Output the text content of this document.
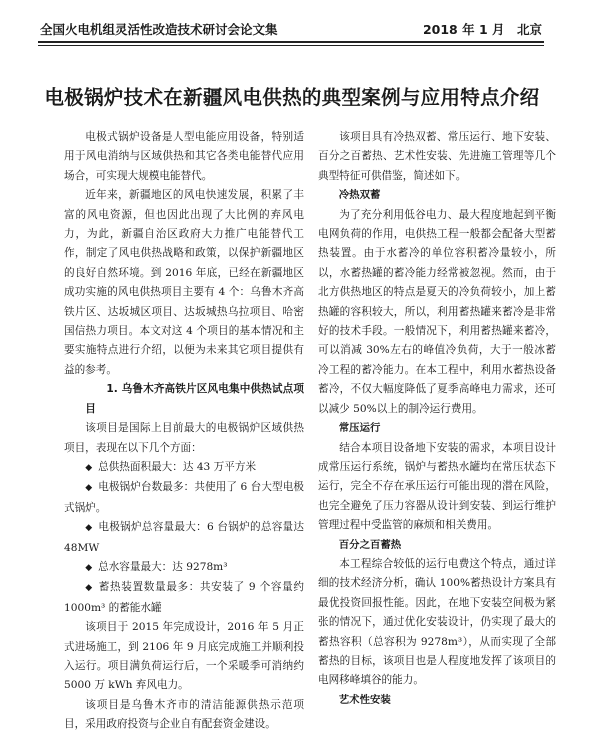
全国火电机组灵活性改造技术研讨会论文集	2018 年 1 月　北京
电极锅炉技术在新疆风电供热的典型案例与应用特点介绍

电极式锅炉设备是人型电能应用设备，特别适用于风电消纳与区域供热和其它各类电能替代应用场合，可实现大规模电能替代。

近年来，新疆地区的风电快速发展，积累了丰富的风电资源，但也因此出现了大比例的弃风电力，为此，新疆自治区政府大力推广电能替代工作，制定了风电供热战略和政策，以保护新疆地区的良好自然环境。到 2016 年底，已经在新疆地区成功实施的风电供热项目主要有 4 个：乌鲁木齐高铁片区、达坂城区项目、达坂城热乌拉项目、哈密国信热力项目。本文对这 4 个项目的基本情况和主要实施特点进行介绍，以便为未来其它项目提供有益的参考。

1. 乌鲁木齐高铁片区风电集中供热试点项目

该项目是国际上目前最大的电极锅炉区域供热项目，表现在以下几个方面：

◆ 总供热面积最大：达 43 万平方米

◆ 电极锅炉台数最多：共使用了 6 台大型电极式锅炉。

◆ 电极锅炉总容量最大：6 台锅炉的总容量达 48MW

◆ 总水容量最大：达 9278m³

◆ 蓄热装置数量最多：共安装了 9 个容量约 1000m³ 的蓄能水罐

该项目于 2015 年完成设计，2016 年 5 月正式进场施工，到 2106 年 9 月底完成施工并顺利投入运行。项目满负荷运行后，一个采暖季可消纳约 5000 万 kWh 弃风电力。

该项目是乌鲁木齐市的清洁能源供热示范项目，采用政府投资与企业自有配套资金建设。

该项目具有冷热双蓄、常压运行、地下安装、百分之百蓄热、艺术性安装、先进施工管理等几个典型特征可供借鉴，简述如下。

冷热双蓄

为了充分利用低谷电力、最大程度地起到平衡电网负荷的作用，电供热工程一般都会配备大型蓄热装置。由于水蓄冷的单位容积蓄冷量较小，所以，水蓄热罐的蓄冷能力经常被忽视。然而，由于北方供热地区的特点是夏天的冷负荷较小，加上蓄热罐的容积较大，所以，利用蓄热罐来蓄冷是非常好的技术手段。一般情况下，利用蓄热罐来蓄冷，可以消减 30%左右的峰值冷负荷，大于一般冰蓄冷工程的蓄冷能力。在本工程中，利用水蓄热设备蓄冷，不仅大幅度降低了夏季高峰电力需求，还可以减少 50%以上的制冷运行费用。

常压运行

结合本项目设备地下安装的需求，本项目设计成常压运行系统，锅炉与蓄热水罐均在常压状态下运行，完全不存在承压运行可能出现的潜在风险，也完全避免了压力容器从设计到安装、到运行维护管理过程中受监管的麻烦和相关费用。

百分之百蓄热

本工程综合较低的运行电费这个特点，通过详细的技术经济分析，确认 100%蓄热设计方案具有最优投资回报性能。因此，在地下安装空间极为紧张的情况下，通过优化安装设计，仍实现了最大的蓄热容积（总容积为 9278m³），从而实现了全部蓄热的目标，该项目也是人程度地发挥了该项目的电网移峰填谷的能力。

艺术性安装
